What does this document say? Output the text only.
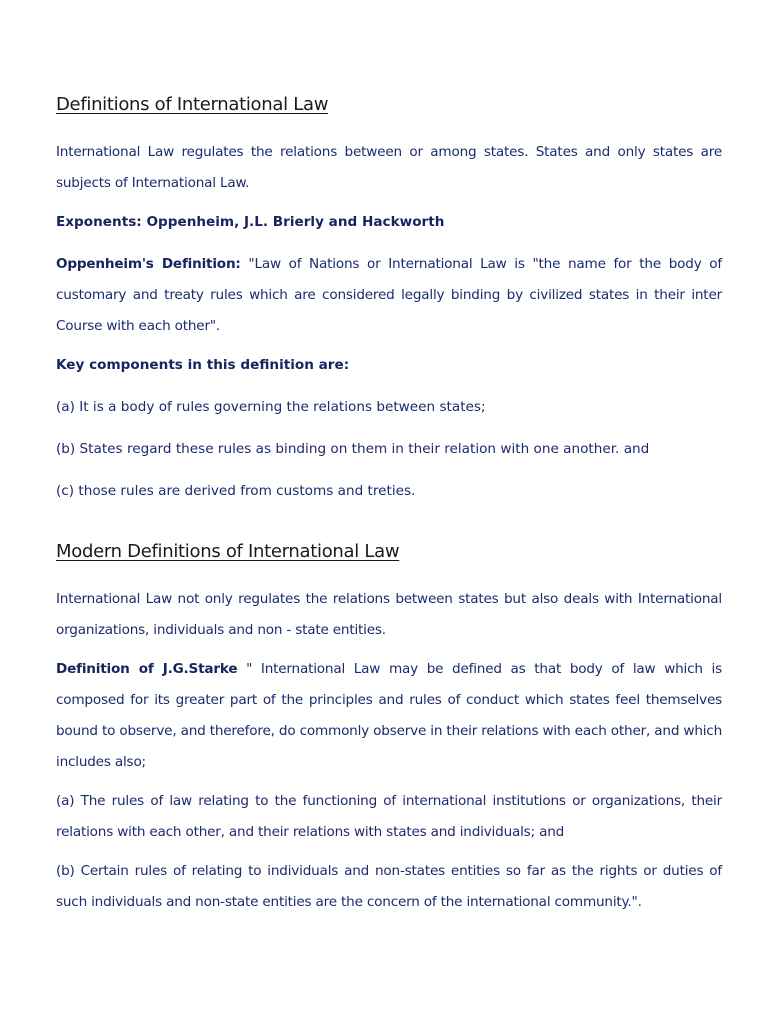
Definitions of International Law

International Law regulates the relations between or among states. States and only states are subjects of International Law.

Exponents: Oppenheim, J.L. Brierly and Hackworth

Oppenheim's Definition: "Law of Nations or International Law is "the name for the body of customary and treaty rules which are considered legally binding by civilized states in their inter Course with each other".

Key components in this definition are:

(a) It is a body of rules governing the relations between states;

(b) States regard these rules as binding on them in their relation with one another. and

(c) those rules are derived from customs and treties.

Modern Definitions of International Law

International Law not only regulates the relations between states but also deals with International organizations, individuals and non - state entities.

Definition of J.G.Starke " International Law may be defined as that body of law which is composed for its greater part of the principles and rules of conduct which states feel themselves bound to observe, and therefore, do commonly observe in their relations with each other, and which includes also;

(a) The rules of law relating to the functioning of international institutions or organizations, their relations with each other, and their relations with states and individuals; and

(b) Certain rules of relating to individuals and non-states entities so far as the rights or duties of such individuals and non-state entities are the concern of the international community.".
